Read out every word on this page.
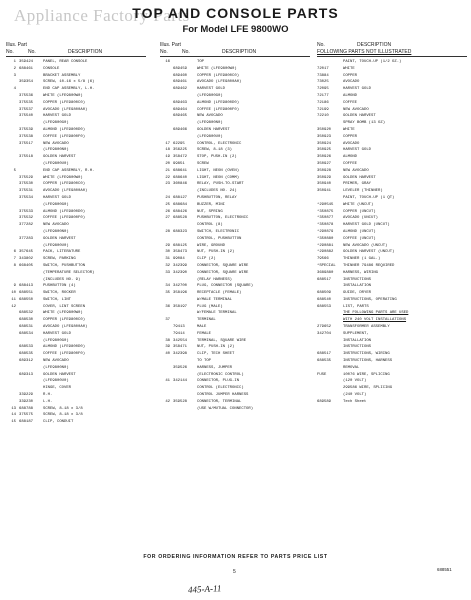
Appliance Factory Parts
TOP AND CONSOLE PARTS
For Model LFE 9800WO
Illus. Part
No.	No.	DESCRIPTION
1 359424	PANEL, REAR CONSOLE
2 688461	CONSOLE
3	BRACKET ASSEMBLY
359354	SCREW, 10-16 x 5/8 (6)
4	END CAP ASSEMBLY, L.H.
375536	WHITE (LFE9800W0)
375535	COPPER (LFE9800C0)
375537	AVOCADO (LFE9800A0)
375540	HARVEST GOLD
(LFE9800G0)
375539	ALMOND (LFE9800D0)
375538	COFFEE (LFE9800F0)
375517	NEW AVOCADO
(LFE9800N0)
375518	GOLDEN HARVEST
(LFE9800U0)
5	END CAP ASSEMBLY, R.H.
375529	WHITE (LFE9800W0)
375530	COPPER (LFE9800C0)
375531	AVOCADO (LFE9800A0)
375534	HARVEST GOLD
(LFE9800G0)
375533	ALMOND (LFE9800D0)
375532	COFFEE (LFE9800F0)
377282	NEW AVOCADO
(LFE9800N0)
377283	GOLDEN HARVEST
(LFE9800U0)
6 357645	PACK, LITERATURE
7 343802	SCREW, PARKING
8 668405	SWITCH, PUSHBUTTON
(TEMPERATURE SELECTOR)
(INCLUDES NO. 9)
9 688413	PUSHBUTTON (4)
10 688551	SWITCH, ROCKER
11 688550	SWITCH, LINT
12	COVER, LINT SCREEN
688532	WHITE (LFE9800W0)
688530	COPPER (LFE9800C0)
688531	AVOCADO (LFE9800A0)
688534	HARVEST GOLD
(LFE9800G0)
688533	ALMOND (LFE9800D0)
688535	COFFEE (LFE9800F0)
689312	NEW AVOCADO
(LFE9800N0)
689313	GOLDEN HARVEST
(LFE9800U0)
HINGE, COVER
339229	R.H.
339230	L.H.
13 688788	SCREW, 8-18 x 3/8
14 375575	SCREW, 8-18 x 3/8
15 688187	CLIP, CONDUIT
Illus. Part
No.	No.	DESCRIPTION
16	TOP
689459	WHITE (LFE9800W0)
689460	COPPER (LFE9800C0)
689461	AVOCADO (LFE9800A0)
689462	HARVEST GOLD
(LFE9800G0)
689463	ALMOND (LFE9800D0)
689464	COFFEE (LFE9800F0)
689465	NEW AVOCADO
(LFE9800N0)
689466	GOLDEN HARVEST
(LFE9800U0)
17 62295	CONTROL, ELECTRONIC
18 356225	SCREW, 8-18 (3)
19 358472	STOP, PUSH-IN (2)
20 99851	SCREW
21 688641	LIGHT, NEON (OVEN)
22 688640	LIGHT, NEON (COMM)
23 360846	RELAY, PUSH-TO-START
(INCLUDES NO. 24)
24 688127	PUSHBUTTON, RELAY
25 688684	BUZZER, MINI
26 688426	NUT, SPRING
27 688528	PUSHBUTTON, ELECTRONIC
CONTROL (8)
28 688323	SWITCH, ELECTRONIC
CONTROL, PUSHBUTTON
29 688125	WIRE, GROUND
30 358473	NUT, PUSH-IN (2)
31 99084	CLIP (2)
32 342399	CONNECTOR, SQUARE WIRE
33 342390	CONNECTOR, SQUARE WIRE
(RELAY HARNESS)
34 342700	PLUG, CONNECTOR (SQUARE)
35 358196	RECEPTACLE (FEMALE)
W/MALE TERMINAL
36 358197	PLUG (MALE)
W/FEMALE TERMINAL
37	TERMINAL
79413	MALE
79414	FEMALE
38 342554	TERMINAL, SQUARE WIRE
39 358471	NUT, PUSH-IN (2)
40 342398	CLIP, TECH SHEET
TO TOP
359526	HARNESS, JUMPER
(ELECTRONIC CONTROL)
41 342144	CONNECTOR, PLUG-IN
CONTROL (ELECTRONIC)
CONTROL JUMPER HARNESS
42 359528	CONNECTOR, TERMINAL
(USE W/MUTUAL CONNECTOR)
No.	DESCRIPTION
FOLLOWING PARTS NOT ILLUSTRATED
PAINT, TOUCH-UP (1/2 OZ.)
72017	WHITE
73884	COPPER
73025	AVOCADO
72095	HARVEST GOLD
72177	ALMOND
72186	COFFEE
72199	NEW AVOCADO
72210	GOLDEN HARVEST
SPRAY BOMB (13 OZ)
350920	WHITE
350923	COPPER
350924	AVOCADO
350925	HARVEST GOLD
350926	ALMOND
350927	COFFEE
350928	NEW AVOCADO
350929	GOLDEN HARVEST
350940	PRIMER, GRAY
350941	LEVELER (THINNER)
PAINT, TOUCH-UP (1 QT)
*290545	WHITE (UNCUT)
*350875	COPPER (UNCUT)
*350877	AVOCADO (UNCUT)
*350878	HARVEST GOLD (UNCUT)
*290879	ALMOND (UNCUT)
*350880	COFFEE (UNCUT)
*290881	NEW AVOCADO (UNCUT)
*290882	GOLDEN HARVEST (UNCUT)
79566	THINNER (1 GAL.)
*SPECIAL	THINNER 79486 REQUIRED
3689880	HARNESS, WIRING
688517	INSTRUCTIONS
INSTALLATION
688509	GUIDE, DRYER
688540	INSTRUCTIONS, OPERATING
688553	LIST, PARTS
THE FOLLOWING PARTS ARE USED
WITH 240 VOLT INSTALLATIONS
279652	TRANSFORMER ASSEMBLY
342704	SUPPLEMENT,
INSTALLATION
INSTRUCTIONS
688517	INSTRUCTIONS, WIRING
688535	INSTRUCTIONS, HARNESS
REMOVAL
FUSE	10076 WIRE, SPLICING
(120 VOLT)
299586 WIRE, SPLICING
(240 VOLT)
689589	Tech Sheet
FOR ORDERING INFORMATION REFER TO PARTS PRICE LIST
5	688551
445-A-11
